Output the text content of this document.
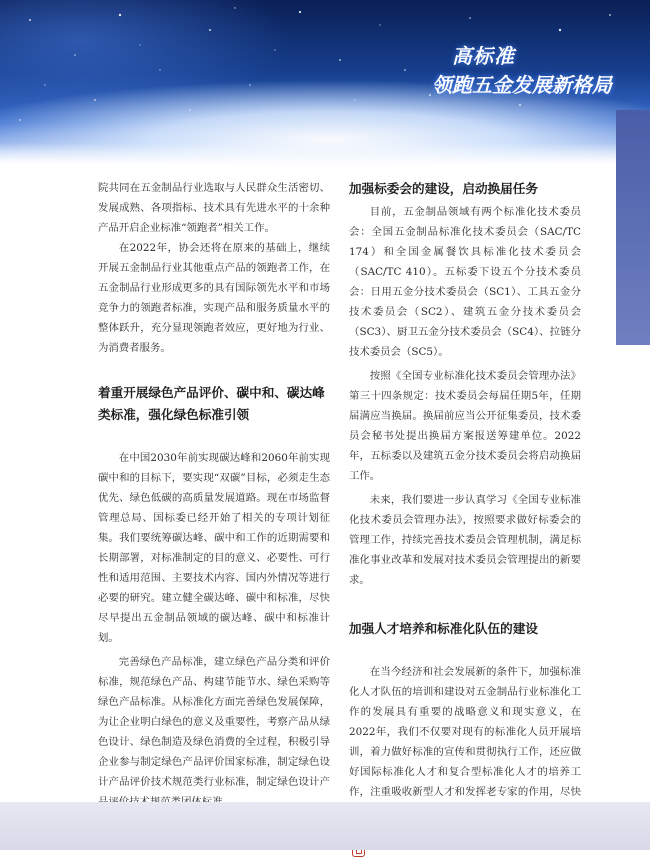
高标准
领跑五金发展新格局

院共同在五金制品行业选取与人民群众生活密切、发展成熟、各项指标、技术具有先进水平的十余种产品开启企业标准“领跑者”相关工作。

在2022年，协会还将在原来的基础上，继续开展五金制品行业其他重点产品的领跑者工作，在五金制品行业形成更多的具有国际领先水平和市场竞争力的领跑者标准，实现产品和服务质量水平的整体跃升，充分显现领跑者效应，更好地为行业、为消费者服务。

着重开展绿色产品评价、碳中和、碳达峰类标准，强化绿色标准引领

在中国2030年前实现碳达峰和2060年前实现碳中和的目标下，要实现“双碳”目标，必须走生态优先、绿色低碳的高质量发展道路。现在市场监督管理总局、国标委已经开始了相关的专项计划征集。我们要统筹碳达峰、碳中和工作的近期需要和长期部署，对标准制定的目的意义、必要性、可行性和适用范围、主要技术内容、国内外情况等进行必要的研究。建立健全碳达峰、碳中和标准，尽快尽早提出五金制品领域的碳达峰、碳中和标准计划。

完善绿色产品标准，建立绿色产品分类和评价标准，规范绿色产品、构建节能节水、绿色采购等绿色产品标准。从标准化方面完善绿色发展保障，为让企业明白绿色的意义及重要性，考察产品从绿色设计、绿色制造及绿色消费的全过程，积极引导企业参与制定绿色产品评价国家标准，制定绿色设计产品评价技术规范类行业标准，制定绿色设计产

加强标委会的建设，启动换届任务

目前，五金制品领域有两个标准化技术委员会：全国五金制品标准化技术委员会（SAC/TC 174）和全国金属餐饮具标准化技术委员会（SAC/TC 410）。五标委下设五个分技术委员会：日用五金分技术委员会（SC1）、工具五金分技术委员会（SC2）、建筑五金分技术委员会（SC3）、厨卫五金分技术委员会（SC4）、拉链分技术委员会（SC5）。

按照《全国专业标准化技术委员会管理办法》第三十四条规定：技术委员会每届任期5年，任期届满应当换届。换届前应当公开征集委员，技术委员会秘书处提出换届方案报送筹建单位。2022年，五标委以及建筑五金分技术委员会将启动换届工作。

未来，我们要进一步认真学习《全国专业标准化技术委员会管理办法》，按照要求做好标委会的管理工作，持续完善技术委员会管理机制，满足标准化事业改革和发展对技术委员会管理提出的新要求。

加强人才培养和标准化队伍的建设

在当今经济和社会发展新的条件下，加强标准化人才队伍的培训和建设对五金制品行业标准化工作的发展具有重要的战略意义和现实意义，在2022年，我们不仅要对现有的标准化人员开展培训，着力做好标准的宣传和贯彻执行工作，还应做好国际标准化人才和复合型标准化人才的培养工作，注重吸收新型人才和发挥老专家的作用，尽快
